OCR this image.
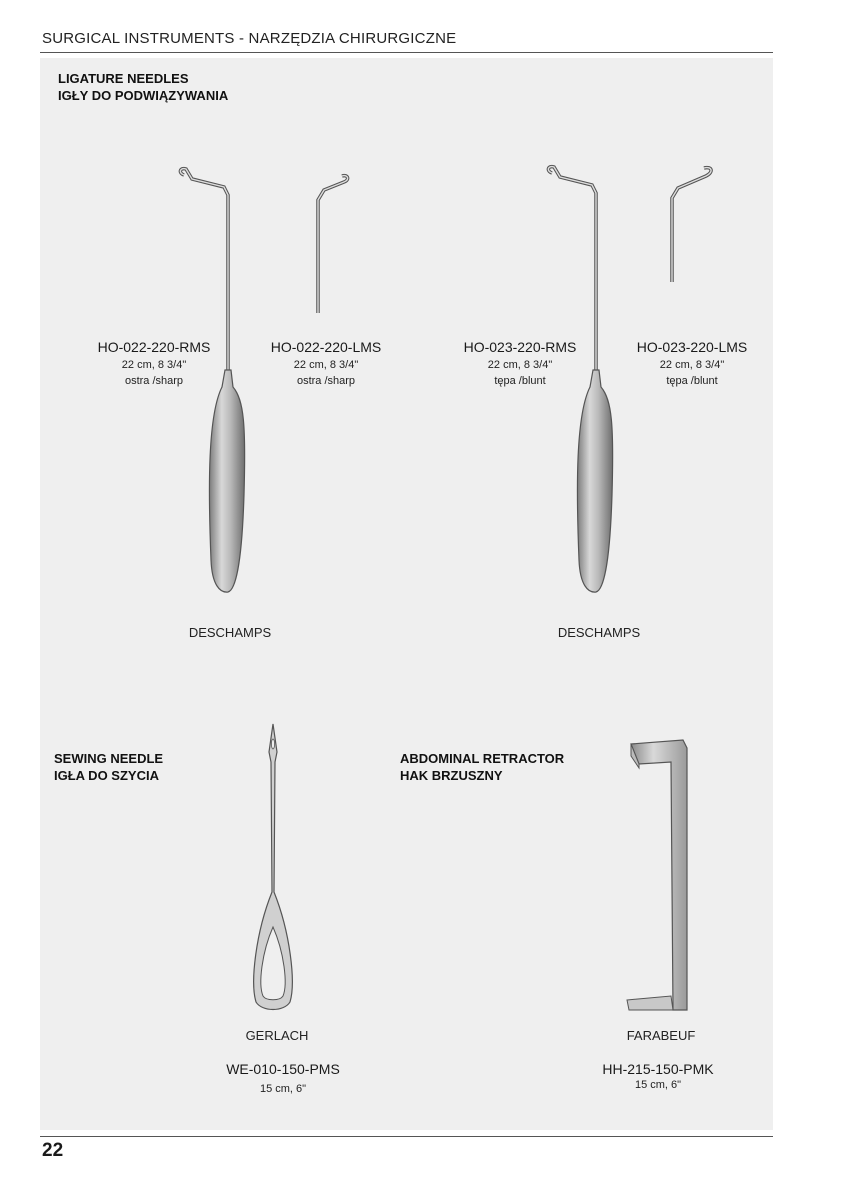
SURGICAL INSTRUMENTS - NARZĘDZIA CHIRURGICZNE
LIGATURE NEEDLES
IGŁY DO PODWIĄZYWANIA
SEWING NEEDLE
IGŁA DO SZYCIA
ABDOMINAL RETRACTOR
HAK BRZUSZNY
HO-022-220-RMS
22 cm, 8 3/4"
ostra /sharp
HO-022-220-LMS
22 cm, 8 3/4"
ostra /sharp
HO-023-220-RMS
22 cm, 8 3/4"
tępa /blunt
HO-023-220-LMS
22 cm, 8 3/4"
tępa /blunt
DESCHAMPS	DESCHAMPS
GERLACH	FARABEUF
WE-010-150-PMS
15 cm, 6"
HH-215-150-PMK
15 cm, 6"
22
